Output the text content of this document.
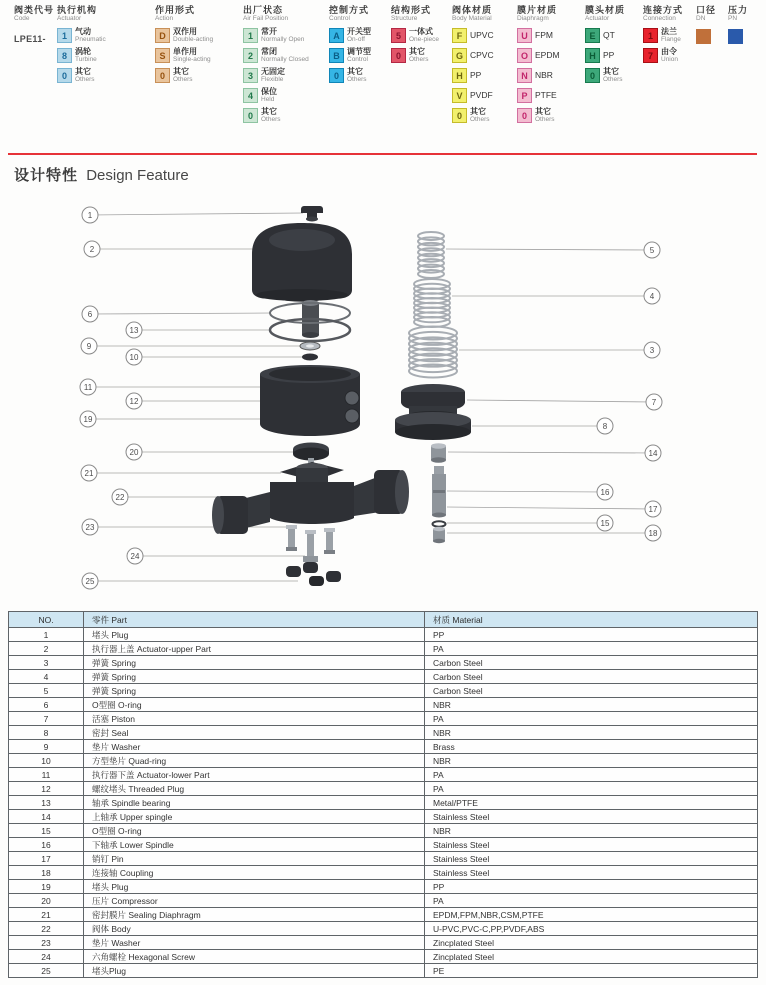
阀类代号
Code
LPE11-
执行机构
Actuator
1	气动
Pneumatic
8	涡轮
Turbine
0	其它
Others
作用形式
Action
D 双作用
Double-acting
S 单作用
Single-acting
0	其它
Others
出厂状态
Air Fail Position
1	常开
Normally Open
2	常闭
Normally Closed
3	无固定
Flexible
4	保位
Held
0	其它
Others
控制方式
Control
A 开关型
On-off
B 调节型
Control
0	其它
Others
结构形式
Structure
5	一体式
One-piece
0	其它
Others
阀体材质
Body Material
F UPVC
G CPVC
H PP
V PVDF
0	其它
Others
膜片材质
Diaphragm
U FPM
O EPDM
N NBR
P PTFE
0	其它
Others
膜头材质
Actuator
E QT
H PP
0	其它
Others
连接方式
Connection
1	法兰
Flange
7	由令
Union
口径
DN
压力
PN
设计特性 Design Feature
1
2
6
13
9
10
11
12
19
20
21
22
23
24
25
5
4
3
7
8
14
16
17
15
18
NO.	零件 Part	材质 Material
1	堵头 Plug	PP
2	执行器上盖 Actuator-upper Part	PA
3	弹簧 Spring	Carbon Steel
4	弹簧 Spring	Carbon Steel
5	弹簧 Spring	Carbon Steel
6	O型圈 O-ring	NBR
7	活塞 Piston	PA
8	密封 Seal	NBR
9	垫片 Washer	Brass
10	方型垫片 Quad-ring	NBR
11	执行器下盖 Actuator-lower Part	PA
12	螺纹堵头 Threaded Plug	PA
13	轴承 Spindle bearing	Metal/PTFE
14	上轴承 Upper spingle	Stainless Steel
15	O型圈 O-ring	NBR
16	下轴承 Lower Spindle	Stainless Steel
17	销钉 Pin	Stainless Steel
18	连接轴 Coupling	Stainless Steel
19	堵头 Plug	PP
20	压片 Compressor	PA
21	密封膜片 Sealing Diaphragm	EPDM,FPM,NBR,CSM,PTFE
22	阀体 Body	U-PVC,PVC-C,PP,PVDF,ABS
23	垫片 Washer	Zincplated Steel
24	六角螺栓 Hexagonal Screw	Zincplated Steel
25	堵头Plug	PE
